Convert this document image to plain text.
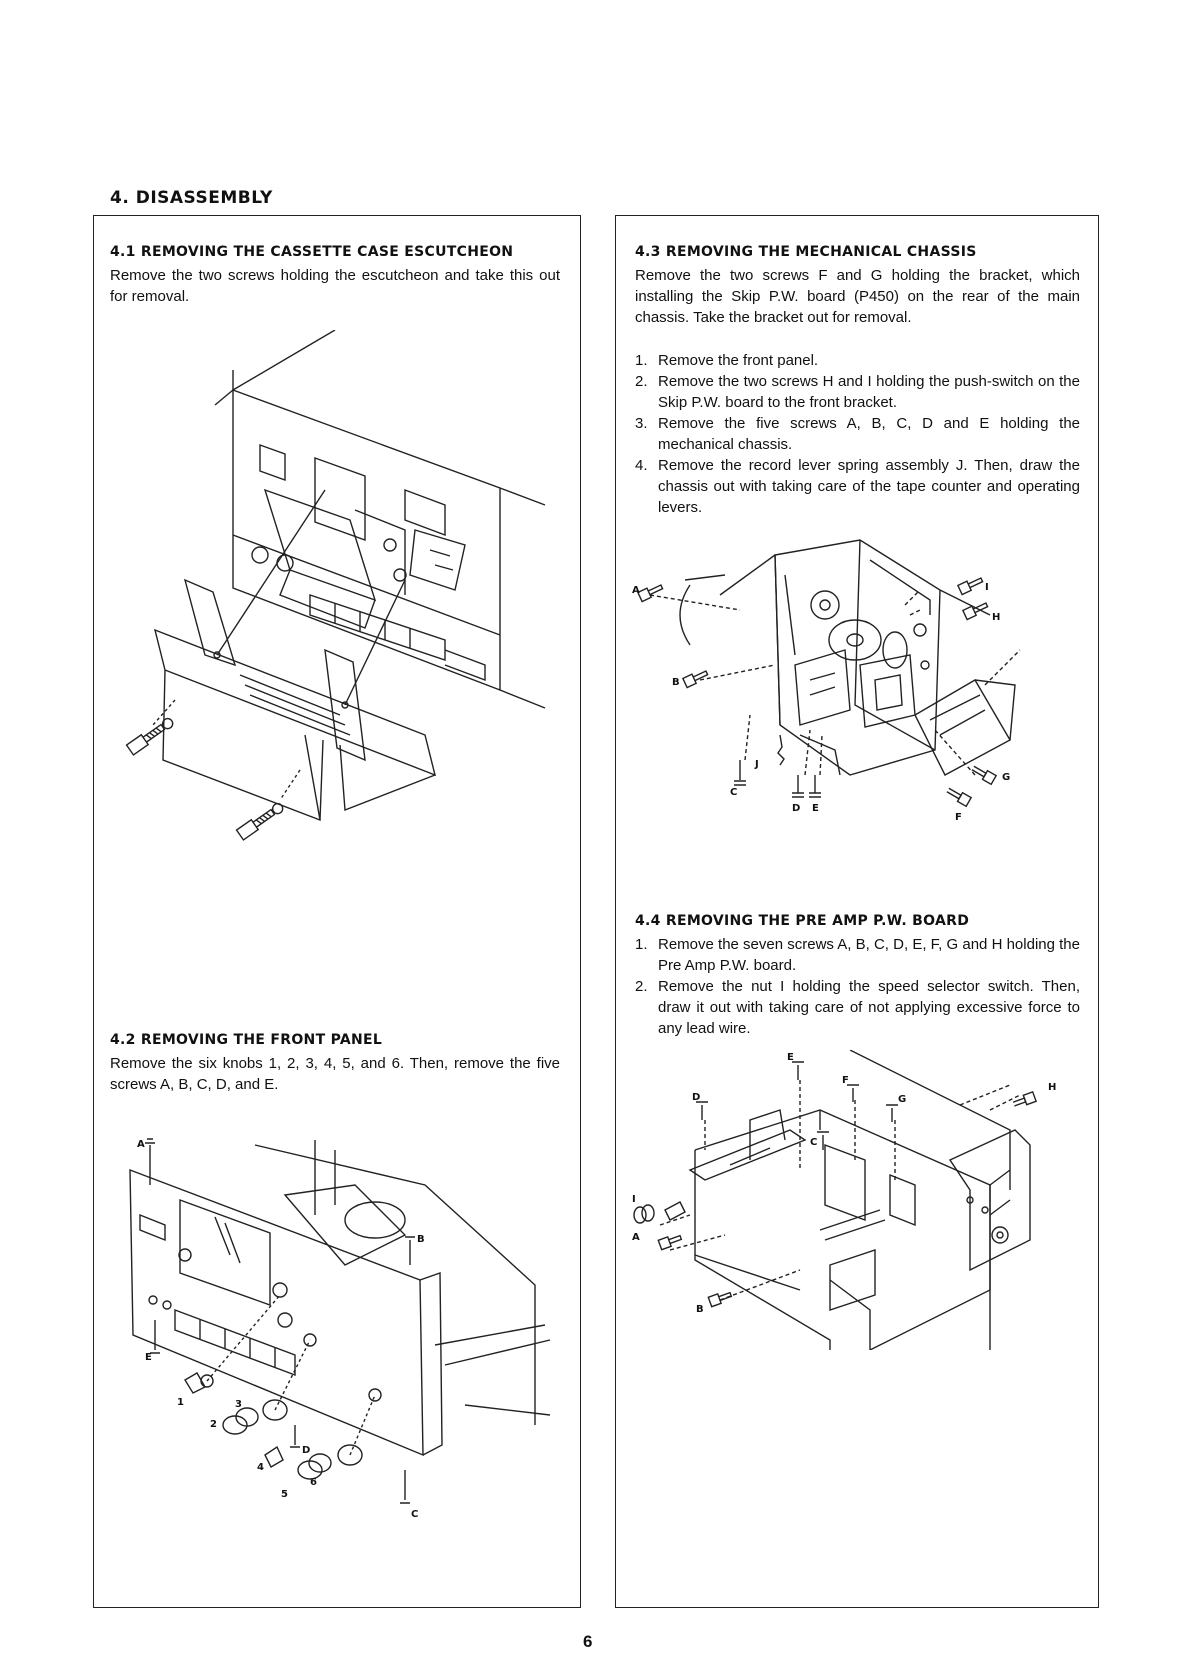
4. DISASSEMBLY
4.1 REMOVING THE CASSETTE CASE ESCUTCHEON
Remove the two screws holding the escutcheon and take this out for removal.
4.2 REMOVING THE FRONT PANEL
Remove the six knobs 1, 2, 3, 4, 5, and 6. Then, remove the five screws A, B, C, D, and E.
A
B
C
D
E
1
2
3
4
5
6
4.3 REMOVING THE MECHANICAL CHASSIS
Remove the two screws F and G holding the bracket, which installing the Skip P.W. board (P450) on the rear of the main chassis. Take the bracket out for removal.
1. Remove the front panel.
2. Remove the two screws H and I holding the push-switch on the Skip P.W. board to the front bracket.
3. Remove the five screws A, B, C, D and E holding the mechanical chassis.
4. Remove the record lever spring assembly J. Then, draw the chassis out with taking care of the tape counter and operating levers.
A
B
C
D E
F
G
H
I
J
4.4 REMOVING THE PRE AMP P.W. BOARD
1. Remove the seven screws A, B, C, D, E, F, G and H holding the Pre Amp P.W. board.
2. Remove the nut I holding the speed selector switch. Then, draw it out with taking care of not applying excessive force to any lead wire.
A
B
C
D
E
F
G
H
I
6
